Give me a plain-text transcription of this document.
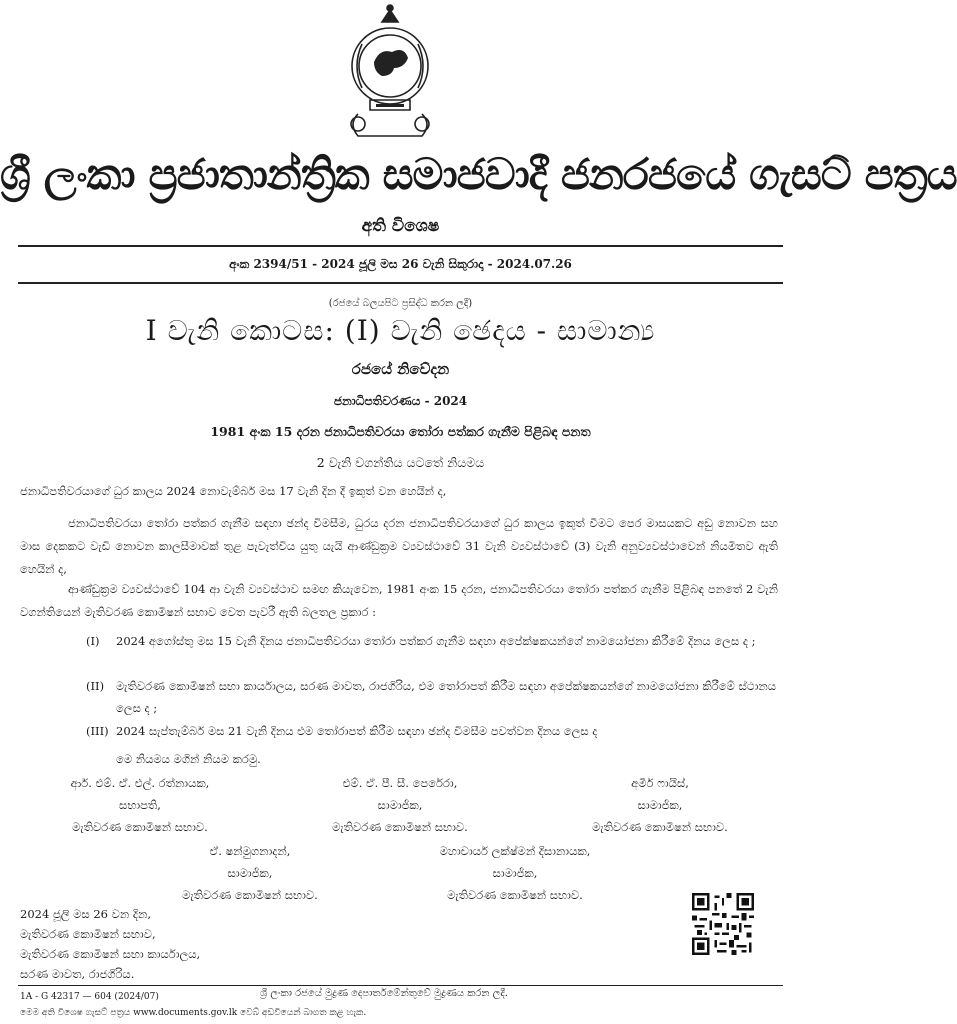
ශ්‍රී ලංකා ප්‍රජාතාන්ත්‍රික සමාජවාදී ජනරජයේ ගැසට් පත්‍රය
අති විශෙෂ
අංක 2394/51 - 2024 ජූලි මස 26 වැනි සිකුරාදා - 2024.07.26
(රජයේ බලයපිට ප්‍රසිද්ධ කරන ලදී)
I වැනි කොටස: (I) වැනි ඡෙදය - සාමාන්‍ය
රජයේ නිවේදන
ජනාධිපතිවරණය - 2024
1981 අංක 15 දරන ජනාධිපතිවරයා තෝරා පත්කර ගැනීම පිළිබඳ පනත
2 වැනි වගන්තිය යටතේ නියමය
ජනාධිපතිවරයාගේ ධුර කාලය 2024 නොවැම්බර් මස 17 වැනි දින දී ඉකුත් වන හෙයින් ද,
ජනාධිපතිවරයා තෝරා පත්කර ගැනීම සඳහා ඡන්ද විමසීම, ධුරය දරන ජනාධිපතිවරයාගේ ධුර කාලය ඉකුත් වීමට පෙර මාසයකට අඩු නොවන සහ මාස දෙකකට වැඩි නොවන කාලසීමාවක් තුළ පැවැත්විය යුතු යැයි ආණ්ඩුක්‍රම ව්‍යවස්ථාවේ 31 වැනි ව්‍යවස්ථාවේ (3) වැනි අනුව්‍යවස්ථාවෙන් නියමිතව ඇති හෙයින් ද,
ආණ්ඩුක්‍රම ව්‍යවස්ථාවේ 104 ආ වැනි ව්‍යවස්ථාව සමඟ කියැවෙන, 1981 අංක 15 දරන, ජනාධිපතිවරයා තෝරා පත්කර ගැනීම පිළිබඳ පනතේ 2 වැනි වගන්තියෙන් මැතිවරණ කොමිෂන් සභාව වෙත පැවරී ඇති බලතල ප්‍රකාර :
(I)	2024 අගෝස්තු මස 15 වැනි දිනය ජනාධිපතිවරයා තෝරා පත්කර ගැනීම සඳහා අපේක්ෂකයන්ගේ නාමයෝජනා කිරීමේ දිනය ලෙස ද ;
(II)	මැතිවරණ කොමිෂන් සභා කාර්යාලය, සරණ මාවත, රාජගිරිය, එම තෝරාපත් කිරීම සඳහා අපේක්ෂකයන්ගේ නාමයෝජනා කිරීමේ ස්ථානය ලෙස ද ;
(III) 2024 සැප්තැම්බර් මස 21 වැනි දිනය එම තෝරාපත් කිරීම සඳහා ඡන්ද විමසීම පවත්වන දිනය ලෙස ද
මෙ නියමය මගින් නියම කරමු.
ආර්. එම්. ඒ. එල්. රත්නායක,
සභාපති,
මැතිවරණ කොමිෂන් සභාව.
එම්. ඒ. පී. සී. පෙරේරා,
සාමාජික,
මැතිවරණ කොමිෂන් සභාව.
අමීර් ෆායිස්,
සාමාජික,
මැතිවරණ කොමිෂන් සභාව.
ඒ. ෂන්මුගනාදන්,
සාමාජික,
මැතිවරණ කොමිෂන් සභාව.
මහාචාර්ය ලක්ෂ්මන් දිසානායක,
සාමාජික,
මැතිවරණ කොමිෂන් සභාව.
2024 ජූලි මස 26 වන දින,
මැතිවරණ කොමිෂන් සභාව,
මැතිවරණ කොමිෂන් සභා කාර්යාලය,
සරණ මාවත, රාජගිරිය.
1A - G 42317 — 604 (2024/07)	ශ්‍රී ලංකා රජයේ මුද්‍රණ දෙපාර්තමේන්තුවේ මුද්‍රණය කරන ලදී.
මෙම අති විශෙෂ ගැසට් පත්‍රය www.documents.gov.lk වෙබ් අඩවියෙන් බාගත කළ හැක.
